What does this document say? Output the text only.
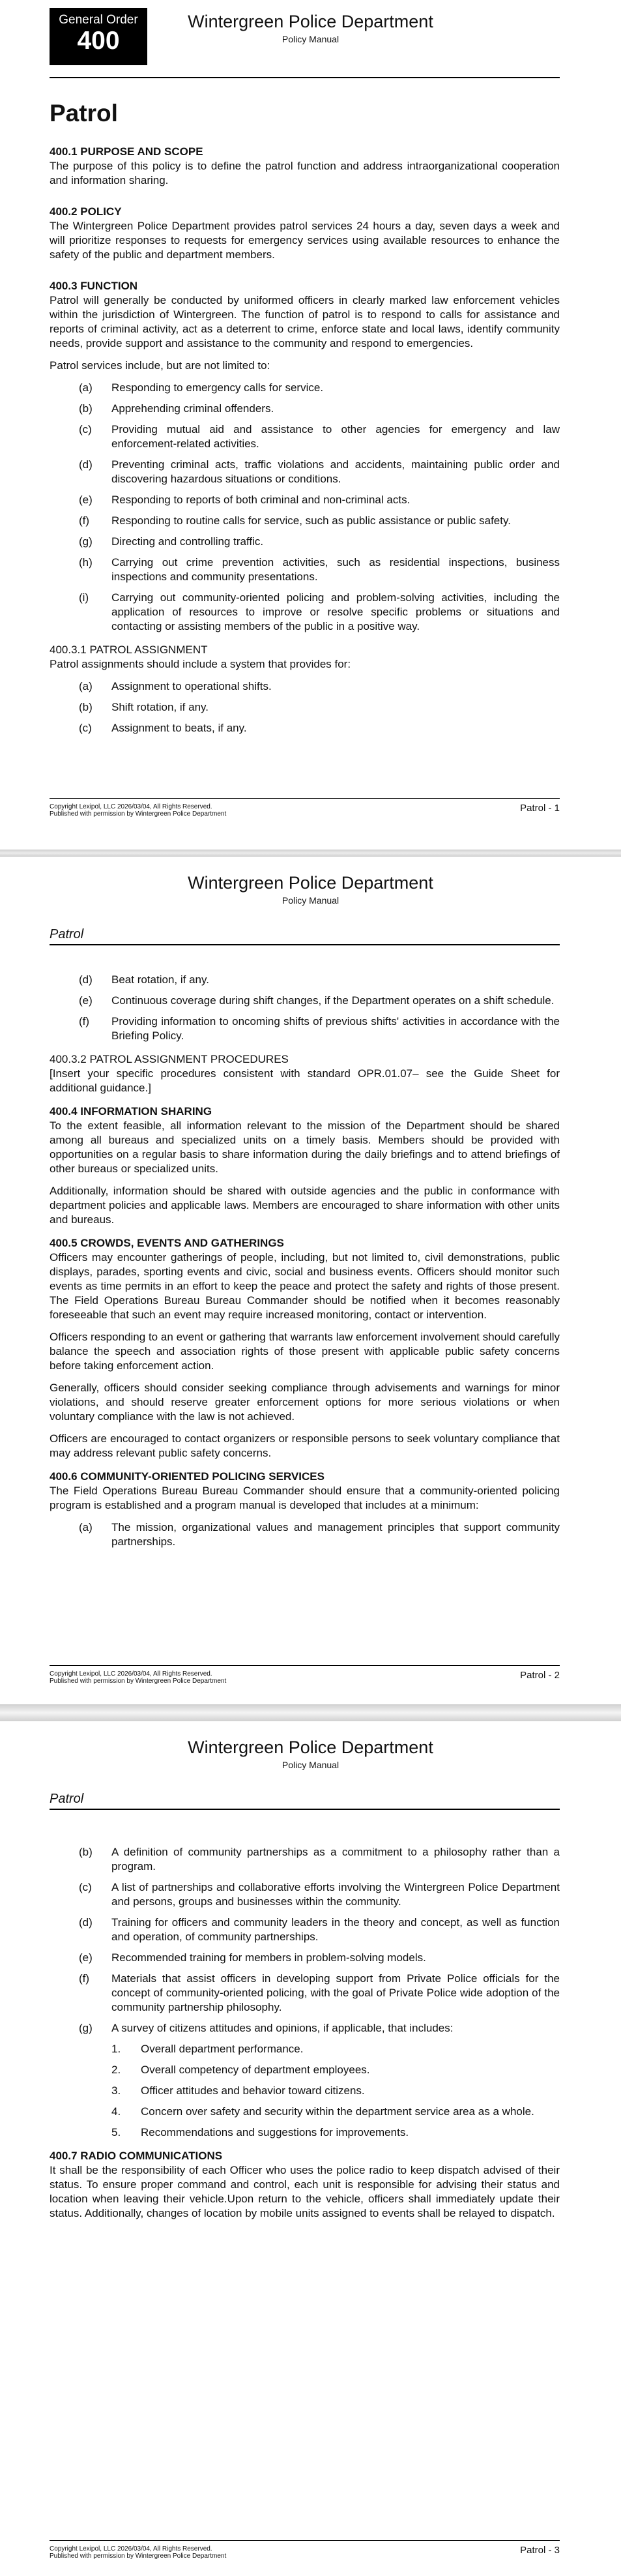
General Order
400
Wintergreen Police Department
Policy Manual
Patrol
400.1 PURPOSE AND SCOPE

The purpose of this policy is to define the patrol function and address intraorganizational cooperation and information sharing.

400.2 POLICY

The Wintergreen Police Department provides patrol services 24 hours a day, seven days a week and will prioritize responses to requests for emergency services using available resources to enhance the safety of the public and department members.

400.3 FUNCTION

Patrol will generally be conducted by uniformed officers in clearly marked law enforcement vehicles within the jurisdiction of Wintergreen. The function of patrol is to respond to calls for assistance and reports of criminal activity, act as a deterrent to crime, enforce state and local laws, identify community needs, provide support and assistance to the community and respond to emergencies.

Patrol services include, but are not limited to:

(a) Responding to emergency calls for service.
(b) Apprehending criminal offenders.
(c) Providing mutual aid and assistance to other agencies for emergency and law enforcement-related activities.
(d) Preventing criminal acts, traffic violations and accidents, maintaining public order and discovering hazardous situations or conditions.
(e) Responding to reports of both criminal and non-criminal acts.
(f) Responding to routine calls for service, such as public assistance or public safety.
(g) Directing and controlling traffic.
(h) Carrying out crime prevention activities, such as residential inspections, business inspections and community presentations.
(i) Carrying out community-oriented policing and problem-solving activities, including the application of resources to improve or resolve specific problems or situations and contacting or assisting members of the public in a positive way.
400.3.1 PATROL ASSIGNMENT

Patrol assignments should include a system that provides for:

(a) Assignment to operational shifts.
(b) Shift rotation, if any.
(c) Assignment to beats, if any.
Copyright Lexipol, LLC 2026/03/04, All Rights Reserved.
Published with permission by Wintergreen Police Department
Patrol - 1
Wintergreen Police Department
Policy Manual
Patrol
(d) Beat rotation, if any.
(e) Continuous coverage during shift changes, if the Department operates on a shift schedule.
(f) Providing information to oncoming shifts of previous shifts' activities in accordance with the Briefing Policy.
400.3.2 PATROL ASSIGNMENT PROCEDURES

[Insert your specific procedures consistent with standard OPR.01.07– see the Guide Sheet for additional guidance.]

400.4 INFORMATION SHARING

To the extent feasible, all information relevant to the mission of the Department should be shared among all bureaus and specialized units on a timely basis. Members should be provided with opportunities on a regular basis to share information during the daily briefings and to attend briefings of other bureaus or specialized units.

Additionally, information should be shared with outside agencies and the public in conformance with department policies and applicable laws. Members are encouraged to share information with other units and bureaus.

400.5 CROWDS, EVENTS AND GATHERINGS

Officers may encounter gatherings of people, including, but not limited to, civil demonstrations, public displays, parades, sporting events and civic, social and business events. Officers should monitor such events as time permits in an effort to keep the peace and protect the safety and rights of those present. The Field Operations Bureau Bureau Commander should be notified when it becomes reasonably foreseeable that such an event may require increased monitoring, contact or intervention.

Officers responding to an event or gathering that warrants law enforcement involvement should carefully balance the speech and association rights of those present with applicable public safety concerns before taking enforcement action.

Generally, officers should consider seeking compliance through advisements and warnings for minor violations, and should reserve greater enforcement options for more serious violations or when voluntary compliance with the law is not achieved.

Officers are encouraged to contact organizers or responsible persons to seek voluntary compliance that may address relevant public safety concerns.

400.6 COMMUNITY-ORIENTED POLICING SERVICES

The Field Operations Bureau Bureau Commander should ensure that a community-oriented policing program is established and a program manual is developed that includes at a minimum:

(a) The mission, organizational values and management principles that support community partnerships.
Copyright Lexipol, LLC 2026/03/04, All Rights Reserved.
Published with permission by Wintergreen Police Department
Patrol - 2
Wintergreen Police Department
Policy Manual
Patrol
(b) A definition of community partnerships as a commitment to a philosophy rather than a program.
(c) A list of partnerships and collaborative efforts involving the Wintergreen Police Department and persons, groups and businesses within the community.
(d) Training for officers and community leaders in the theory and concept, as well as function and operation, of community partnerships.
(e) Recommended training for members in problem-solving models.
(f) Materials that assist officers in developing support from Private Police officials for the concept of community-oriented policing, with the goal of Private Police wide adoption of the community partnership philosophy.
(g) A survey of citizens attitudes and opinions, if applicable, that includes:
1. Overall department performance.
2. Overall competency of department employees.
3. Officer attitudes and behavior toward citizens.
4. Concern over safety and security within the department service area as a whole.
5. Recommendations and suggestions for improvements.
400.7 RADIO COMMUNICATIONS

It shall be the responsibility of each Officer who uses the police radio to keep dispatch advised of their status. To ensure proper command and control, each unit is responsible for advising their status and location when leaving their vehicle.Upon return to the vehicle, officers shall immediately update their status. Additionally, changes of location by mobile units assigned to events shall be relayed to dispatch.

Copyright Lexipol, LLC 2026/03/04, All Rights Reserved.
Published with permission by Wintergreen Police Department
Patrol - 3
